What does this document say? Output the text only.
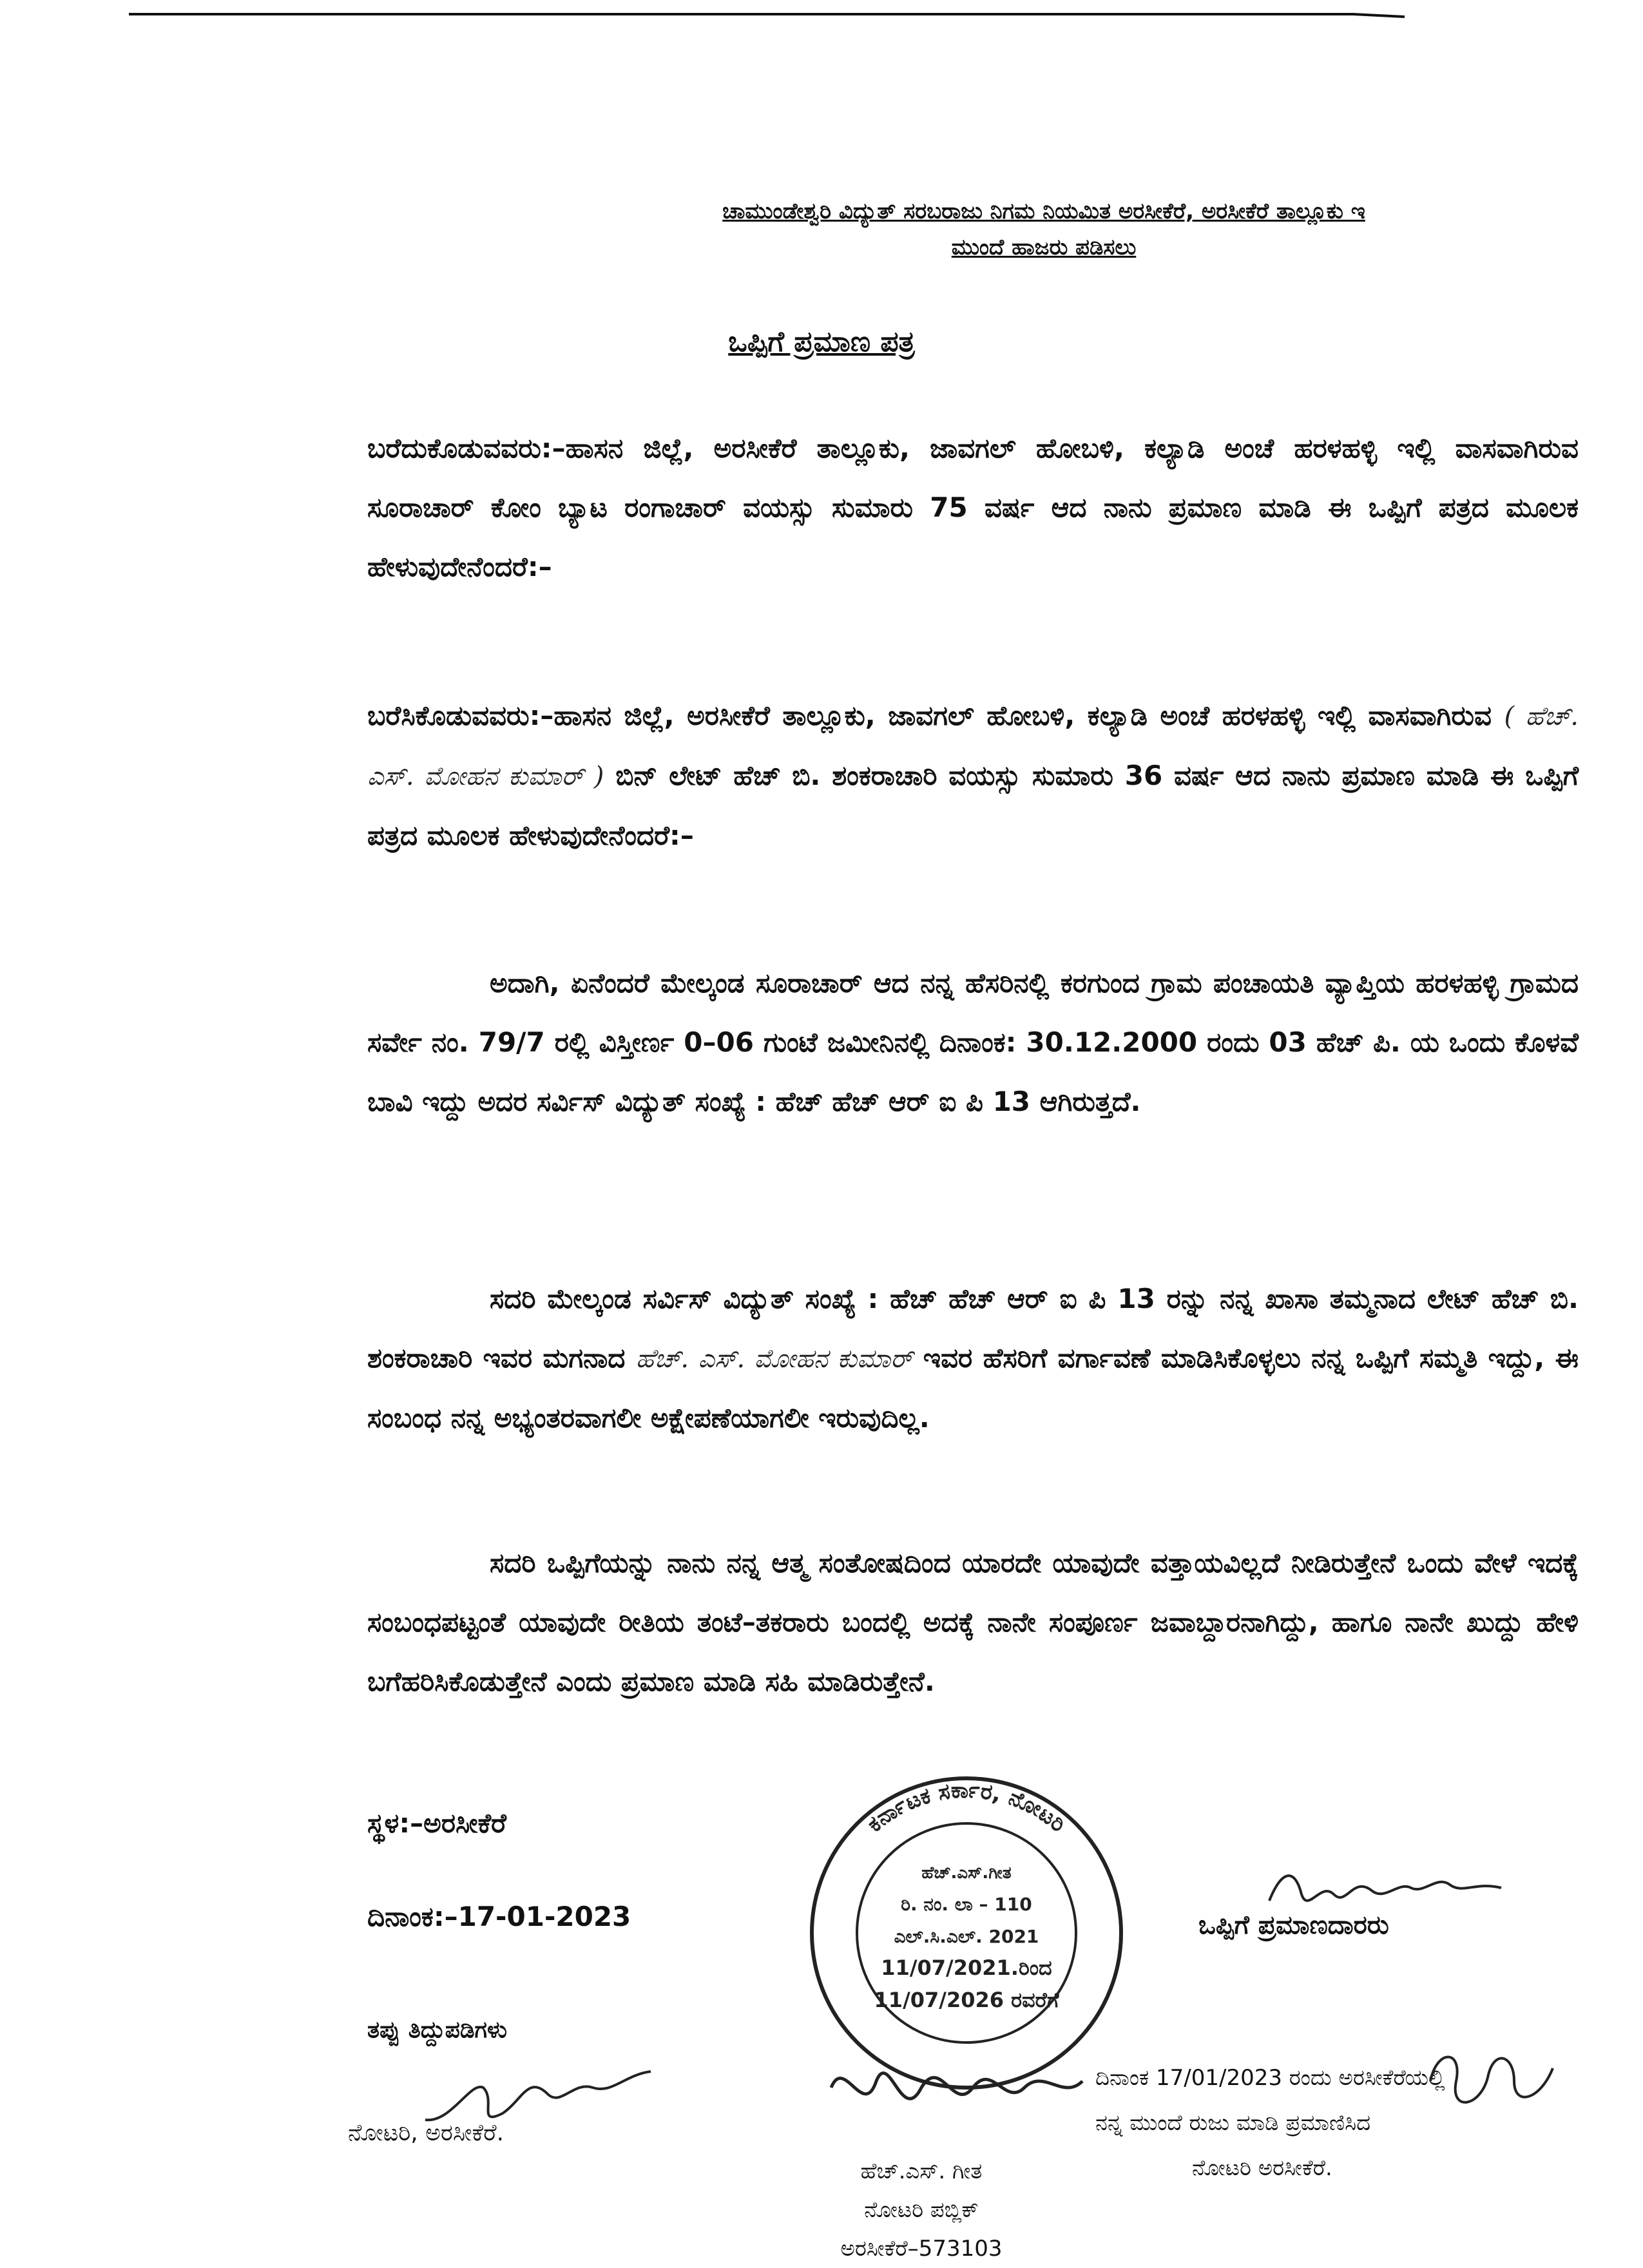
ಚಾಮುಂಡೇಶ್ವರಿ ವಿದ್ಯುತ್ ಸರಬರಾಜು ನಿಗಮ ನಿಯಮಿತ ಅರಸೀಕೆರೆ, ಅರಸೀಕೆರೆ ತಾಲ್ಲೂಕು ಇ
ಮುಂದೆ ಹಾಜರು ಪಡಿಸಲು
ಒಪ್ಪಿಗೆ ಪ್ರಮಾಣ ಪತ್ರ

ಬರೆದುಕೊಡುವವರು:–ಹಾಸನ ಜಿಲ್ಲೆ, ಅರಸೀಕೆರೆ ತಾಲ್ಲೂಕು, ಜಾವಗಲ್ ಹೋಬಳಿ, ಕಲ್ಯಾಡಿ ಅಂಚೆ ಹರಳಹಳ್ಳಿ ಇಲ್ಲಿ ವಾಸವಾಗಿರುವ ಸೂರಾಚಾರ್ ಕೋಂ ಬ್ಯಾಟ ರಂಗಾಚಾರ್ ವಯಸ್ಸು ಸುಮಾರು 75 ವರ್ಷ ಆದ ನಾನು ಪ್ರಮಾಣ ಮಾಡಿ ಈ ಒಪ್ಪಿಗೆ ಪತ್ರದ ಮೂಲಕ ಹೇಳುವುದೇನೆಂದರೆ:–

ಬರೆಸಿಕೊಡುವವರು:–ಹಾಸನ ಜಿಲ್ಲೆ, ಅರಸೀಕೆರೆ ತಾಲ್ಲೂಕು, ಜಾವಗಲ್ ಹೋಬಳಿ, ಕಲ್ಯಾಡಿ ಅಂಚೆ ಹರಳಹಳ್ಳಿ ಇಲ್ಲಿ ವಾಸವಾಗಿರುವ ( ಹೆಚ್. ಎಸ್. ಮೋಹನ ಕುಮಾರ್ ) ಬಿನ್ ಲೇಟ್ ಹೆಚ್ ಬಿ. ಶಂಕರಾಚಾರಿ ವಯಸ್ಸು ಸುಮಾರು 36 ವರ್ಷ ಆದ ನಾನು ಪ್ರಮಾಣ ಮಾಡಿ ಈ ಒಪ್ಪಿಗೆ ಪತ್ರದ ಮೂಲಕ ಹೇಳುವುದೇನೆಂದರೆ:–

ಅದಾಗಿ, ಏನೆಂದರೆ ಮೇಲ್ಕಂಡ ಸೂರಾಚಾರ್ ಆದ ನನ್ನ ಹೆಸರಿನಲ್ಲಿ ಕರಗುಂದ ಗ್ರಾಮ ಪಂಚಾಯತಿ ವ್ಯಾಪ್ತಿಯ ಹರಳಹಳ್ಳಿ ಗ್ರಾಮದ ಸರ್ವೇ ನಂ. 79/7 ರಲ್ಲಿ ವಿಸ್ತೀರ್ಣ 0–06 ಗುಂಟೆ ಜಮೀನಿನಲ್ಲಿ ದಿನಾಂಕ: 30.12.2000 ರಂದು 03 ಹೆಚ್ ಪಿ. ಯ ಒಂದು ಕೊಳವೆ ಬಾವಿ ಇದ್ದು ಅದರ ಸರ್ವಿಸ್ ವಿದ್ಯುತ್ ಸಂಖ್ಯೆ : ಹೆಚ್ ಹೆಚ್ ಆರ್ ಐ ಪಿ 13 ಆಗಿರುತ್ತದೆ.

ಸದರಿ ಮೇಲ್ಕಂಡ ಸರ್ವಿಸ್ ವಿದ್ಯುತ್ ಸಂಖ್ಯೆ : ಹೆಚ್ ಹೆಚ್ ಆರ್ ಐ ಪಿ 13 ರನ್ನು ನನ್ನ ಖಾಸಾ ತಮ್ಮನಾದ ಲೇಟ್ ಹೆಚ್ ಬಿ. ಶಂಕರಾಚಾರಿ ಇವರ ಮಗನಾದ ಹೆಚ್. ಎಸ್. ಮೋಹನ ಕುಮಾರ್ ಇವರ ಹೆಸರಿಗೆ ವರ್ಗಾವಣೆ ಮಾಡಿಸಿಕೊಳ್ಳಲು ನನ್ನ ಒಪ್ಪಿಗೆ ಸಮ್ಮತಿ ಇದ್ದು, ಈ ಸಂಬಂಧ ನನ್ನ ಅಭ್ಯಂತರವಾಗಲೀ ಅಕ್ಷೇಪಣೆಯಾಗಲೀ ಇರುವುದಿಲ್ಲ.

ಸದರಿ ಒಪ್ಪಿಗೆಯನ್ನು ನಾನು ನನ್ನ ಆತ್ಮ ಸಂತೋಷದಿಂದ ಯಾರದೇ ಯಾವುದೇ ವತ್ತಾಯವಿಲ್ಲದೆ ನೀಡಿರುತ್ತೇನೆ ಒಂದು ವೇಳೆ ಇದಕ್ಕೆ ಸಂಬಂಧಪಟ್ಟಂತೆ ಯಾವುದೇ ರೀತಿಯ ತಂಟೆ–ತಕರಾರು ಬಂದಲ್ಲಿ ಅದಕ್ಕೆ ನಾನೇ ಸಂಪೂರ್ಣ ಜವಾಬ್ದಾರನಾಗಿದ್ದು, ಹಾಗೂ ನಾನೇ ಖುದ್ದು ಹೇಳಿ ಬಗೆಹರಿಸಿಕೊಡುತ್ತೇನೆ ಎಂದು ಪ್ರಮಾಣ ಮಾಡಿ ಸಹಿ ಮಾಡಿರುತ್ತೇನೆ.

ಸ್ಥಳ:–ಅರಸೀಕೆರೆ
ದಿನಾಂಕ:–17-01-2023	ಒಪ್ಪಿಗೆ ಪ್ರಮಾಣದಾರರು
ಕರ್ನಾಟಕ ಸರ್ಕಾರ, ನೋಟರಿ
ಹೆಚ್.ಎಸ್.ಗೀತ
ರಿ. ನಂ. ಲಾ – 110
ಎಲ್.ಸಿ.ಎಲ್. 2021
11/07/2021.ರಿಂದ
11/07/2026 ರವರೆಗೆ
ತಪ್ಪು ತಿದ್ದುಪಡಿಗಳು
ನೋಟರಿ, ಅರಸೀಕೆರೆ.
ಹೆಚ್.ಎಸ್. ಗೀತ
ನೋಟರಿ ಪಬ್ಲಿಕ್
ಅರಸೀಕೆರೆ–573103
ದಿನಾಂಕ 17/01/2023 ರಂದು ಅರಸೀಕೆರೆಯಲ್ಲಿ
ನನ್ನ ಮುಂದೆ ರುಜು ಮಾಡಿ ಪ್ರಮಾಣಿಸಿದ
ನೋಟರಿ ಅರಸೀಕೆರೆ.
